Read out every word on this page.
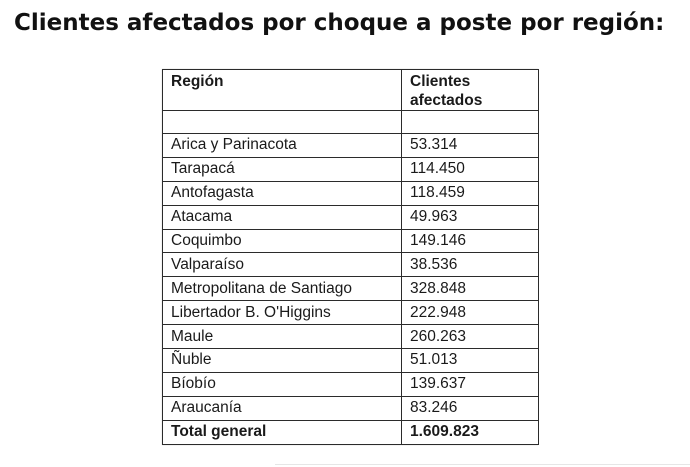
Clientes afectados por choque a poste por región:
Región	Clientes afectados

Arica y Parinacota	53.314
Tarapacá	114.450
Antofagasta	118.459
Atacama	49.963
Coquimbo	149.146
Valparaíso	38.536
Metropolitana de Santiago	328.848
Libertador B. O'Higgins	222.948
Maule	260.263
Ñuble	51.013
Bíobío	139.637
Araucanía	83.246
Total general	1.609.823
